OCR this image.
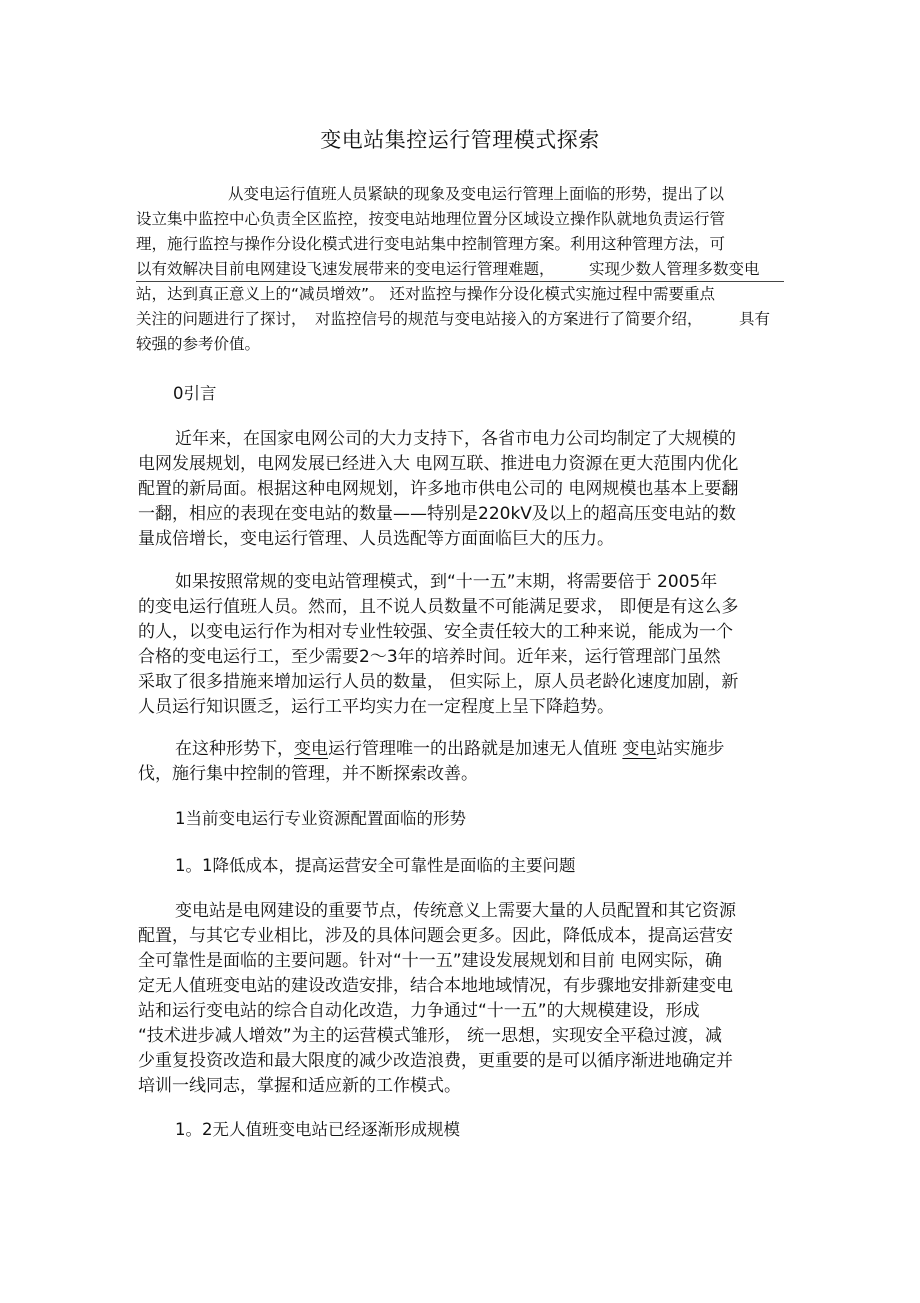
变电站集控运行管理模式探索
从变电运行值班人员紧缺的现象及变电运行管理上面临的形势，提出了以
设立集中监控中心负责全区监控，按变电站地理位置分区域设立操作队就地负责运行管
理，施行监控与操作分设化模式进行变电站集中控制管理方案。利用这种管理方法，可
以有效解决目前电网建设飞速发展带来的变电运行管理难题， 实现少数人管理多数变电
站，达到真正意义上的“减员增效”。 还对监控与操作分设化模式实施过程中需要重点
关注的问题进行了探讨， 对监控信号的规范与变电站接入的方案进行了简要介绍， 具有
较强的参考价值。
0引言
近年来，在国家电网公司的大力支持下，各省市电力公司均制定了大规模的
电网发展规划，电网发展已经进入大 电网互联、推进电力资源在更大范围内优化
配置的新局面。根据这种电网规划，许多地市供电公司的 电网规模也基本上要翻
一翻，相应的表现在变电站的数量——特别是220kV及以上的超高压变电站的数
量成倍增长，变电运行管理、人员选配等方面面临巨大的压力。
如果按照常规的变电站管理模式，到“十一五”末期，将需要倍于 2005年
的变电运行值班人员。然而，且不说人员数量不可能满足要求， 即便是有这么多
的人，以变电运行作为相对专业性较强、安全责任较大的工种来说，能成为一个
合格的变电运行工，至少需要2～3年的培养时间。近年来，运行管理部门虽然
采取了很多措施来增加运行人员的数量， 但实际上，原人员老龄化速度加剧，新
人员运行知识匮乏，运行工平均实力在一定程度上呈下降趋势。
在这种形势下，变电运行管理唯一的出路就是加速无人值班 变电站实施步
伐，施行集中控制的管理，并不断探索改善。
1当前变电运行专业资源配置面临的形势
1。1降低成本，提高运营安全可靠性是面临的主要问题
变电站是电网建设的重要节点，传统意义上需要大量的人员配置和其它资源
配置，与其它专业相比，涉及的具体问题会更多。因此，降低成本，提高运营安
全可靠性是面临的主要问题。针对“十一五”建设发展规划和目前 电网实际，确
定无人值班变电站的建设改造安排，结合本地地域情况，有步骤地安排新建变电
站和运行变电站的综合自动化改造，力争通过“十一五”的大规模建设，形成
“技术进步减人增效”为主的运营模式雏形， 统一思想，实现安全平稳过渡，减
少重复投资改造和最大限度的减少改造浪费，更重要的是可以循序渐进地确定并
培训一线同志，掌握和适应新的工作模式。
1。2无人值班变电站已经逐渐形成规模
